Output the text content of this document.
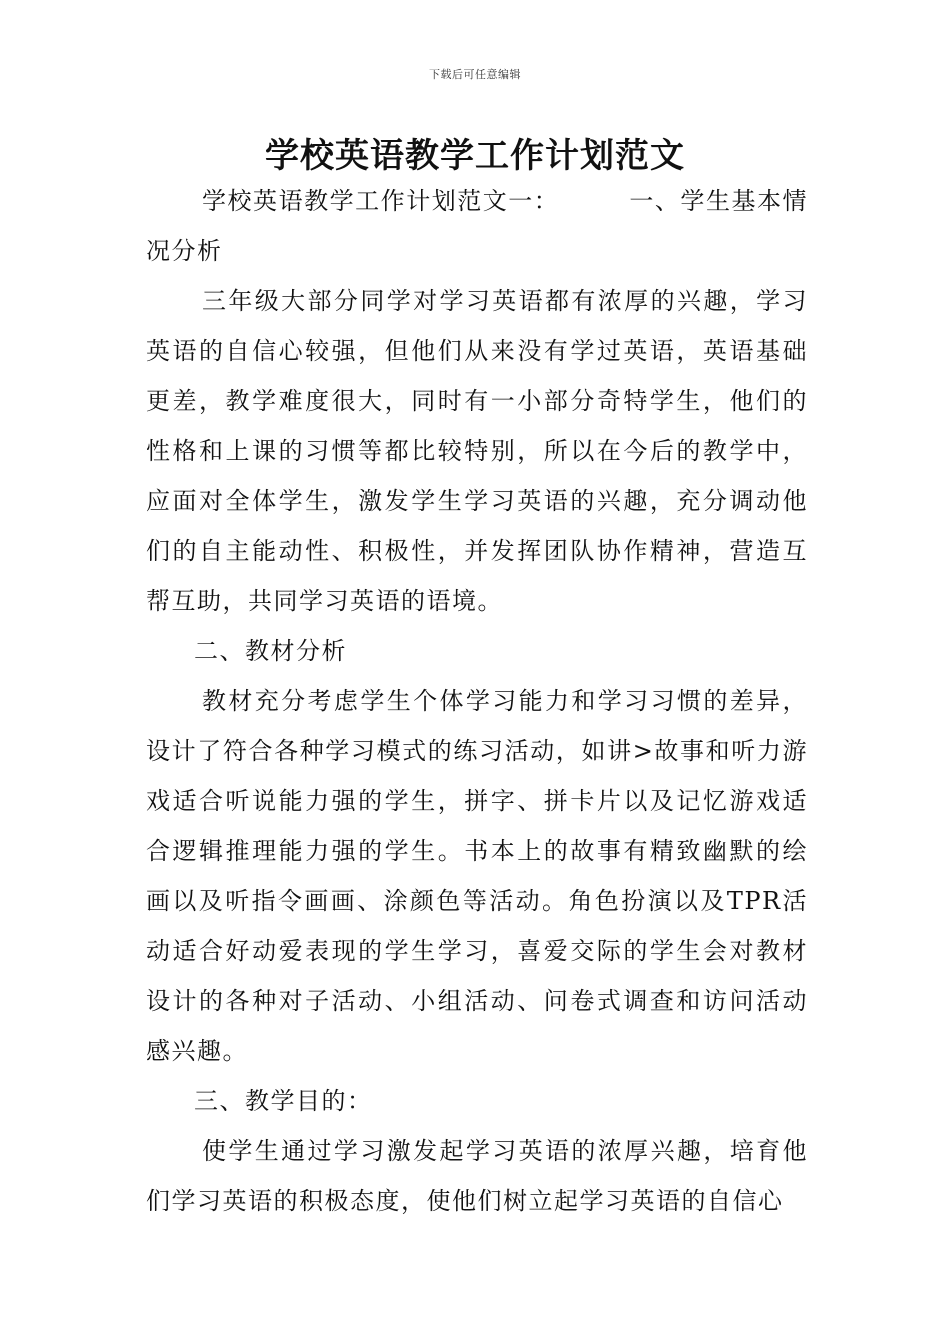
下载后可任意编辑
学校英语教学工作计划范文

学校英语教学工作计划范文一：	一、学生基本情况分析

三年级大部分同学对学习英语都有浓厚的兴趣，学习英语的自信心较强，但他们从来没有学过英语，英语基础更差，教学难度很大，同时有一小部分奇特学生，他们的性格和上课的习惯等都比较特别，所以在今后的教学中，应面对全体学生，激发学生学习英语的兴趣，充分调动他们的自主能动性、积极性，并发挥团队协作精神，营造互帮互助，共同学习英语的语境。

二、教材分析

教材充分考虑学生个体学习能力和学习习惯的差异，设计了符合各种学习模式的练习活动，如讲>故事和听力游戏适合听说能力强的学生，拼字、拼卡片以及记忆游戏适合逻辑推理能力强的学生。书本上的故事有精致幽默的绘画以及听指令画画、涂颜色等活动。角色扮演以及TPR活动适合好动爱表现的学生学习，喜爱交际的学生会对教材设计的各种对子活动、小组活动、问卷式调查和访问活动感兴趣。

三、教学目的：

使学生通过学习激发起学习英语的浓厚兴趣，培育他们学习英语的积极态度，使他们树立起学习英语的自信心
